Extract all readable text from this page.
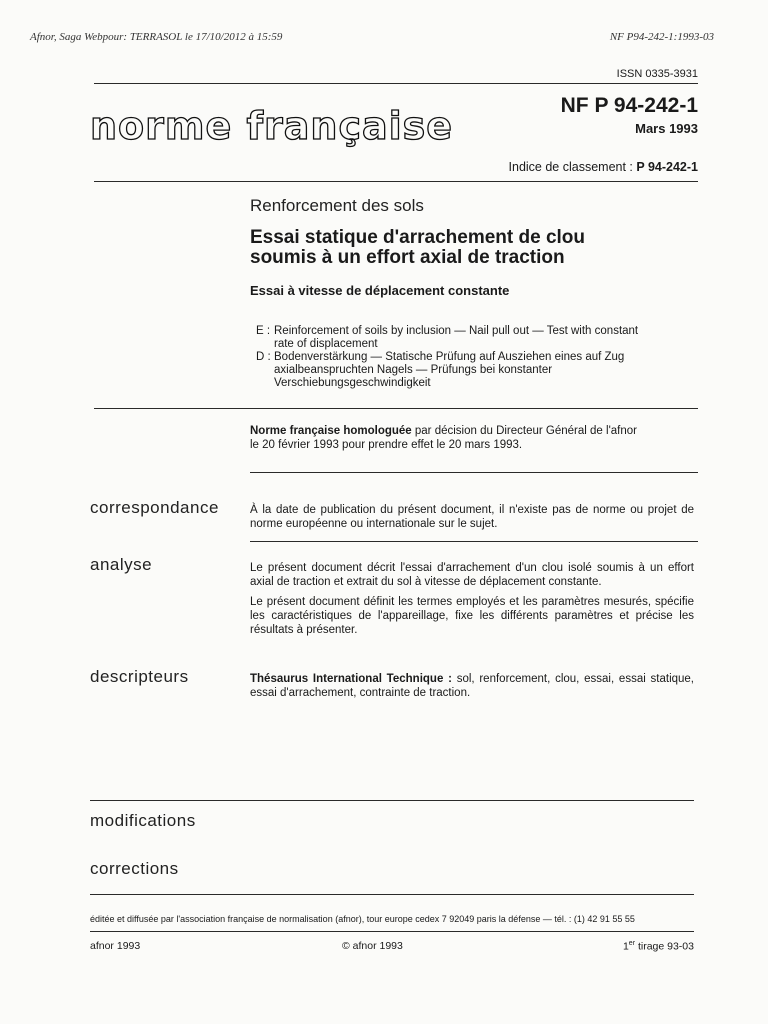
Afnor, Saga Webpour: TERRASOL le 17/10/2012 à 15:59	NF P94-242-1:1993-03
ISSN 0335-3931
norme française	NF P 94-242-1
Mars 1993
Indice de classement : P 94-242-1
Renforcement des sols
Essai statique d'arrachement de clou
soumis à un effort axial de traction
Essai à vitesse de déplacement constante
E : Reinforcement of soils by inclusion — Nail pull out — Test with constant
rate of displacement
D : Bodenverstärkung — Statische Prüfung auf Ausziehen eines auf Zug
axialbeanspruchten Nagels — Prüfungs bei konstanter
Verschiebungsgeschwindigkeit
Norme française homologuée par décision du Directeur Général de l'afnor
le 20 février 1993 pour prendre effet le 20 mars 1993.
correspondance	À la date de publication du présent document, il n'existe pas de norme ou projet de norme européenne ou internationale sur le sujet.
analyse	Le présent document décrit l'essai d'arrachement d'un clou isolé soumis à un effort axial de traction et extrait du sol à vitesse de déplacement constante.
Le présent document définit les termes employés et les paramètres mesurés, spécifie les caractéristiques de l'appareillage, fixe les différents paramètres et précise les résultats à présenter.
descripteurs	Thésaurus International Technique : sol, renforcement, clou, essai, essai statique, essai d'arrachement, contrainte de traction.
modifications
corrections
éditée et diffusée par l'association française de normalisation (afnor), tour europe cedex 7 92049 paris la défense — tél. : (1) 42 91 55 55
afnor 1993	© afnor 1993	1er tirage 93-03
